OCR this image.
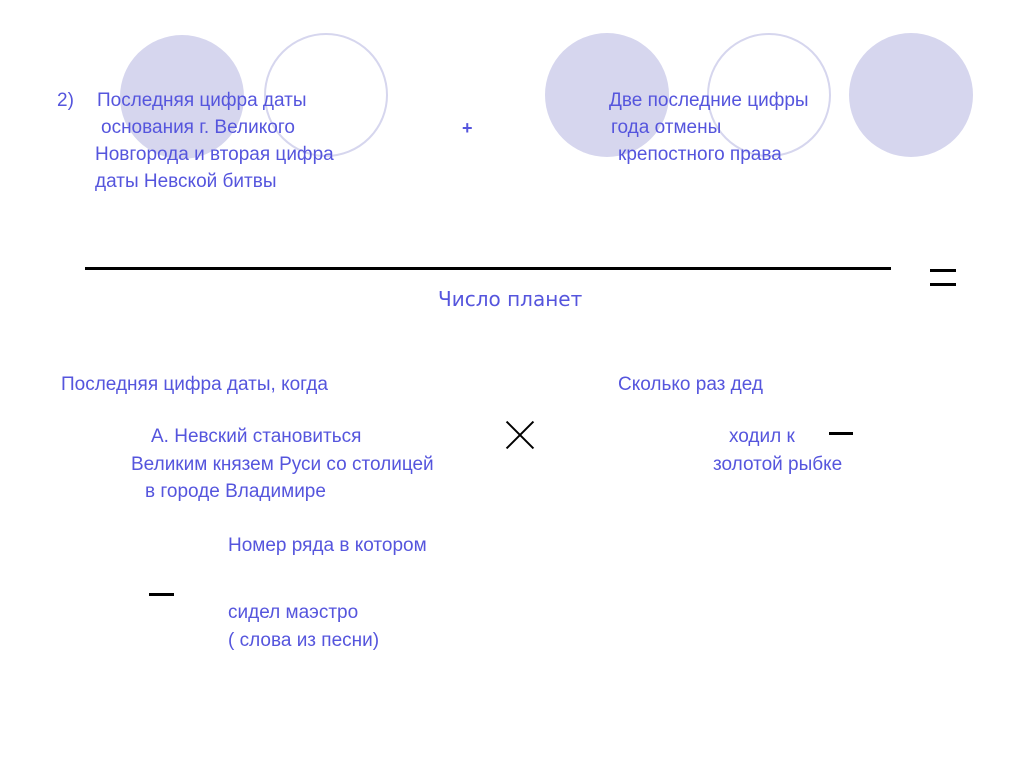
2) Последняя цифра даты
основания г. Великого
Новгорода и вторая цифра
даты Невской битвы
+
Две последние цифры
года отмены
крепостного права
Число планет
Последняя цифра даты, когда
А. Невский становиться
Великим князем Руси со столицей
в городе Владимире
Сколько раз дед
ходил к
золотой рыбке
Номер ряда в котором
сидел маэстро
( слова из песни)
